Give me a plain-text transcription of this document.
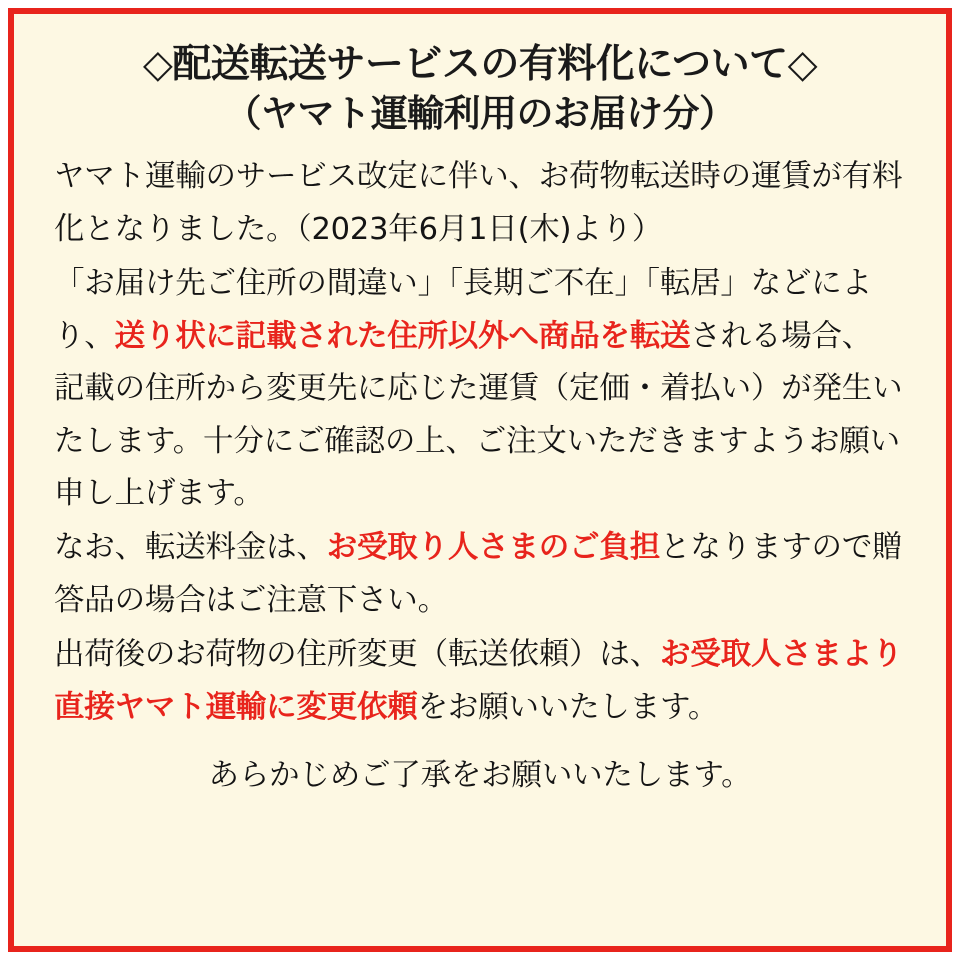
◇配送転送サービスの有料化について◇
（ヤマト運輸利用のお届け分）

ヤマト運輸のサービス改定に伴い、お荷物転送時の運賃が有料化となりました。（2023年6月1日(木)より）

「お届け先ご住所の間違い」「長期ご不在」「転居」などにより、送り状に記載された住所以外へ商品を転送される場合、 記載の住所から変更先に応じた運賃（定価・着払い）が発生いたします。十分にご確認の上、ご注文いただきますようお願い申し上げます。

なお、転送料金は、お受取り人さまのご負担となりますので贈答品の場合はご注意下さい。

出荷後のお荷物の住所変更（転送依頼）は、お受取人さまより直接ヤマト運輸に変更依頼をお願いいたします。

あらかじめご了承をお願いいたします。
